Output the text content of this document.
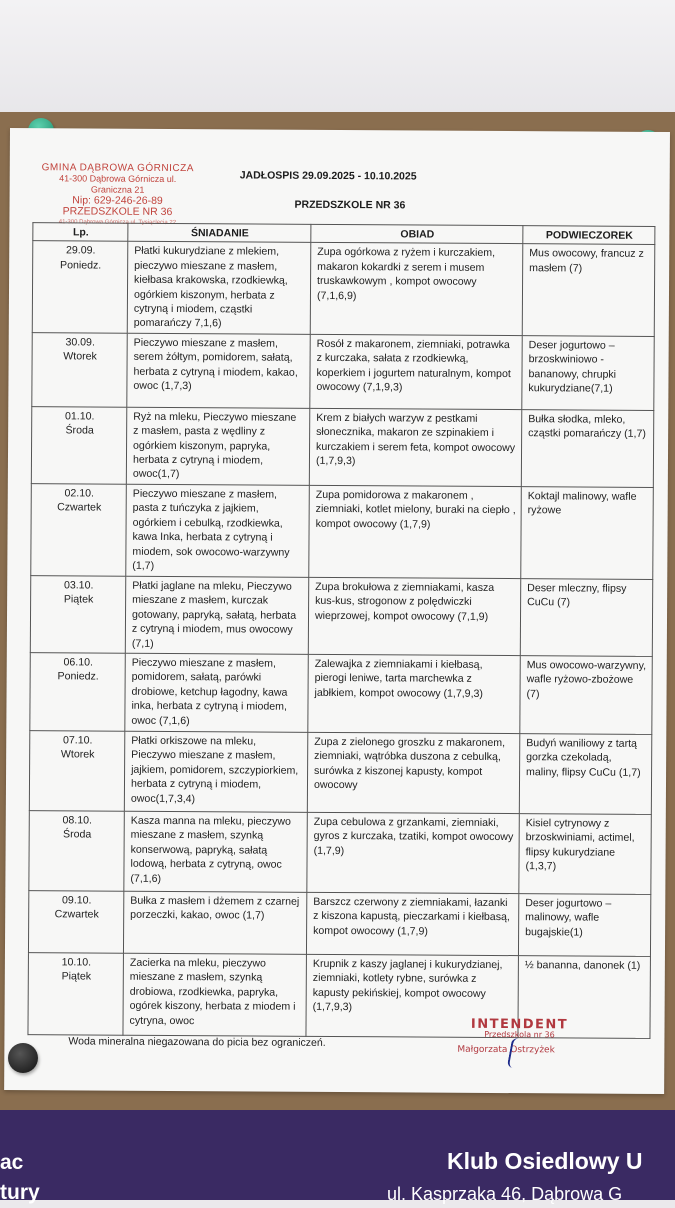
GMINA DĄBROWA GÓRNICZA
41-300 Dąbrowa Górnicza ul. Graniczna 21
Nip: 629-246-26-89
PRZEDSZKOLE NR 36
41-300 Dąbrowa Górnicza ul. Tysiąclecia 22
JADŁOSPIS 29.09.2025 - 10.10.2025
PRZEDSZKOLE NR 36
Lp.	ŚNIADANIE	OBIAD	PODWIECZOREK

29.09.
Poniedz.	Płatki kukurydziane z mlekiem, pieczywo mieszane z masłem, kiełbasa krakowska, rzodkiewką, ogórkiem kiszonym, herbata z cytryną i miodem, cząstki pomarańczy 7,1,6)	Zupa ogórkowa z ryżem i kurczakiem, makaron kokardki z serem i musem truskawkowym , kompot owocowy (7,1,6,9)	Mus owocowy, francuz z masłem (7)

30.09.
Wtorek	Pieczywo mieszane z masłem, serem żółtym, pomidorem, sałatą, herbata z cytryną i miodem, kakao, owoc (1,7,3)	Rosół z makaronem, ziemniaki, potrawka z kurczaka, sałata z rzodkiewką, koperkiem i jogurtem naturalnym, kompot owocowy (7,1,9,3)	Deser jogurtowo – brzoskwiniowo - bananowy, chrupki kukurydziane(7,1)

01.10.
Środa	Ryż na mleku, Pieczywo mieszane z masłem, pasta z wędliny z ogórkiem kiszonym, papryka, herbata z cytryną i miodem, owoc(1,7)	Krem z białych warzyw z pestkami słonecznika, makaron ze szpinakiem i kurczakiem i serem feta, kompot owocowy (1,7,9,3)	Bułka słodka, mleko, cząstki pomarańczy (1,7)

02.10.
Czwartek	Pieczywo mieszane z masłem, pasta z tuńczyka z jajkiem, ogórkiem i cebulką, rzodkiewka, kawa Inka, herbata z cytryną i miodem, sok owocowo-warzywny (1,7)	Zupa pomidorowa z makaronem , ziemniaki, kotlet mielony, buraki na ciepło , kompot owocowy (1,7,9)	Koktajl malinowy, wafle ryżowe

03.10.
Piątek	Płatki jaglane na mleku, Pieczywo mieszane z masłem, kurczak gotowany, papryką, sałatą, herbata z cytryną i miodem, mus owocowy (7,1)	Zupa brokułowa z ziemniakami, kasza kus-kus, strogonow z polędwiczki wieprzowej, kompot owocowy (7,1,9)	Deser mleczny, flipsy CuCu (7)

06.10.
Poniedz.	Pieczywo mieszane z masłem, pomidorem, sałatą, parówki drobiowe, ketchup łagodny, kawa inka, herbata z cytryną i miodem, owoc (7,1,6)	Zalewajka z ziemniakami i kiełbasą, pierogi leniwe, tarta marchewka z jabłkiem, kompot owocowy (1,7,9,3)	Mus owocowo-warzywny, wafle ryżowo-zbożowe (7)

07.10.
Wtorek	Płatki orkiszowe na mleku, Pieczywo mieszane z masłem, jajkiem, pomidorem, szczypiorkiem, herbata z cytryną i miodem, owoc(1,7,3,4)	Zupa z zielonego groszku z makaronem, ziemniaki, wątróbka duszona z cebulką, surówka z kiszonej kapusty, kompot owocowy	Budyń waniliowy z tartą gorzka czekoladą, maliny, flipsy CuCu (1,7)

08.10.
Środa	Kasza manna na mleku, pieczywo mieszane z masłem, szynką konserwową, papryką, sałatą lodową, herbata z cytryną, owoc (7,1,6)	Zupa cebulowa z grzankami, ziemniaki, gyros z kurczaka, tzatiki, kompot owocowy (1,7,9)	Kisiel cytrynowy z brzoskwiniami, actimel, flipsy kukurydziane (1,3,7)

09.10.
Czwartek	Bułka z masłem i dżemem z czarnej porzeczki, kakao, owoc (1,7)	Barszcz czerwony z ziemniakami, łazanki z kiszona kapustą, pieczarkami i kiełbasą, kompot owocowy (1,7,9)	Deser jogurtowo – malinowy, wafle bugajskie(1)

10.10.
Piątek	Zacierka na mleku, pieczywo mieszane z masłem, szynką drobiowa, rzodkiewka, papryka, ogórek kiszony, herbata z miodem i cytryna, owoc	Krupnik z kaszy jaglanej i kukurydzianej, ziemniaki, kotlety rybne, surówka z kapusty pekińskiej, kompot owocowy (1,7,9,3)	½ bananna, danonek (1)
Woda mineralna niegazowana do picia bez ograniczeń.
INTENDENT
Przedszkola nr 36
Małgorzata Ostrzyżek
ac
tury
Klub Osiedlowy U
ul. Kasprzaka 46, Dąbrowa G
